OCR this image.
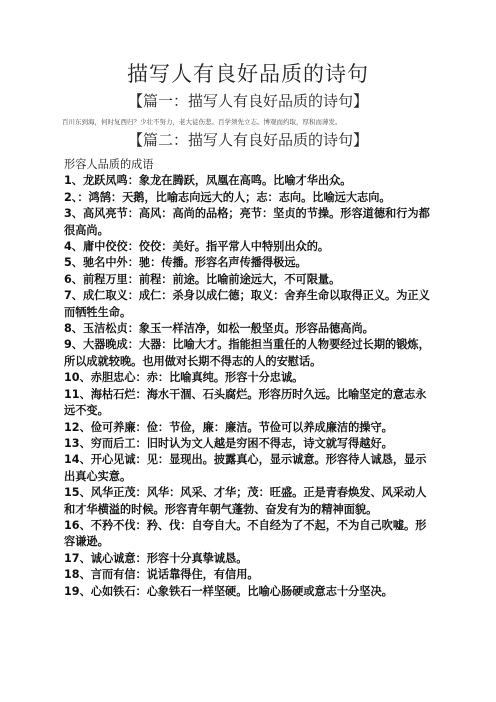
描写人有良好品质的诗句
【篇一：描写人有良好品质的诗句】
百川东到海，何时复西归？少壮不努力，老大徒伤悲。百学须先立志。博观而约取，厚积而薄发。
【篇二：描写人有良好品质的诗句】
形容人品质的成语
1、龙跃凤鸣：象龙在腾跃，凤凰在高鸣。比喻才华出众。
2、：鸿鹄：天鹅，比喻志向远大的人；志：志向。比喻远大志向。
3、高风亮节：高风：高尚的品格；亮节：坚贞的节操。形容道德和行为都很高尚。
4、庸中佼佼：佼佼：美好。指平常人中特别出众的。
5、驰名中外：驰：传播。形容名声传播得极远。
6、前程万里：前程：前途。比喻前途远大，不可限量。
7、成仁取义：成仁：杀身以成仁德；取义：舍弃生命以取得正义。为正义而牺牲生命。
8、玉洁松贞：象玉一样洁净，如松一般坚贞。形容品德高尚。
9、大器晚成：大器：比喻大才。指能担当重任的人物要经过长期的锻炼，所以成就较晚。也用做对长期不得志的人的安慰话。
10、赤胆忠心：赤：比喻真纯。形容十分忠诚。
11、海枯石烂：海水干涸、石头腐烂。形容历时久远。比喻坚定的意志永远不变。
12、俭可养廉：俭：节俭，廉：廉洁。节俭可以养成廉洁的操守。
13、穷而后工：旧时认为文人越是穷困不得志，诗文就写得越好。
14、开心见诚：见：显现出。披露真心，显示诚意。形容待人诚恳，显示出真心实意。
15、风华正茂：风华：风采、才华；茂：旺盛。正是青春焕发、风采动人和才华横溢的时候。形容青年朝气蓬勃、奋发有为的精神面貌。
16、不矜不伐：矜、伐：自夸自大。不自经为了不起，不为自己吹嘘。形容谦逊。
17、诚心诚意：形容十分真挚诚恳。
18、言而有信：说话靠得住，有信用。
19、心如铁石：心象铁石一样坚硬。比喻心肠硬或意志十分坚决。
